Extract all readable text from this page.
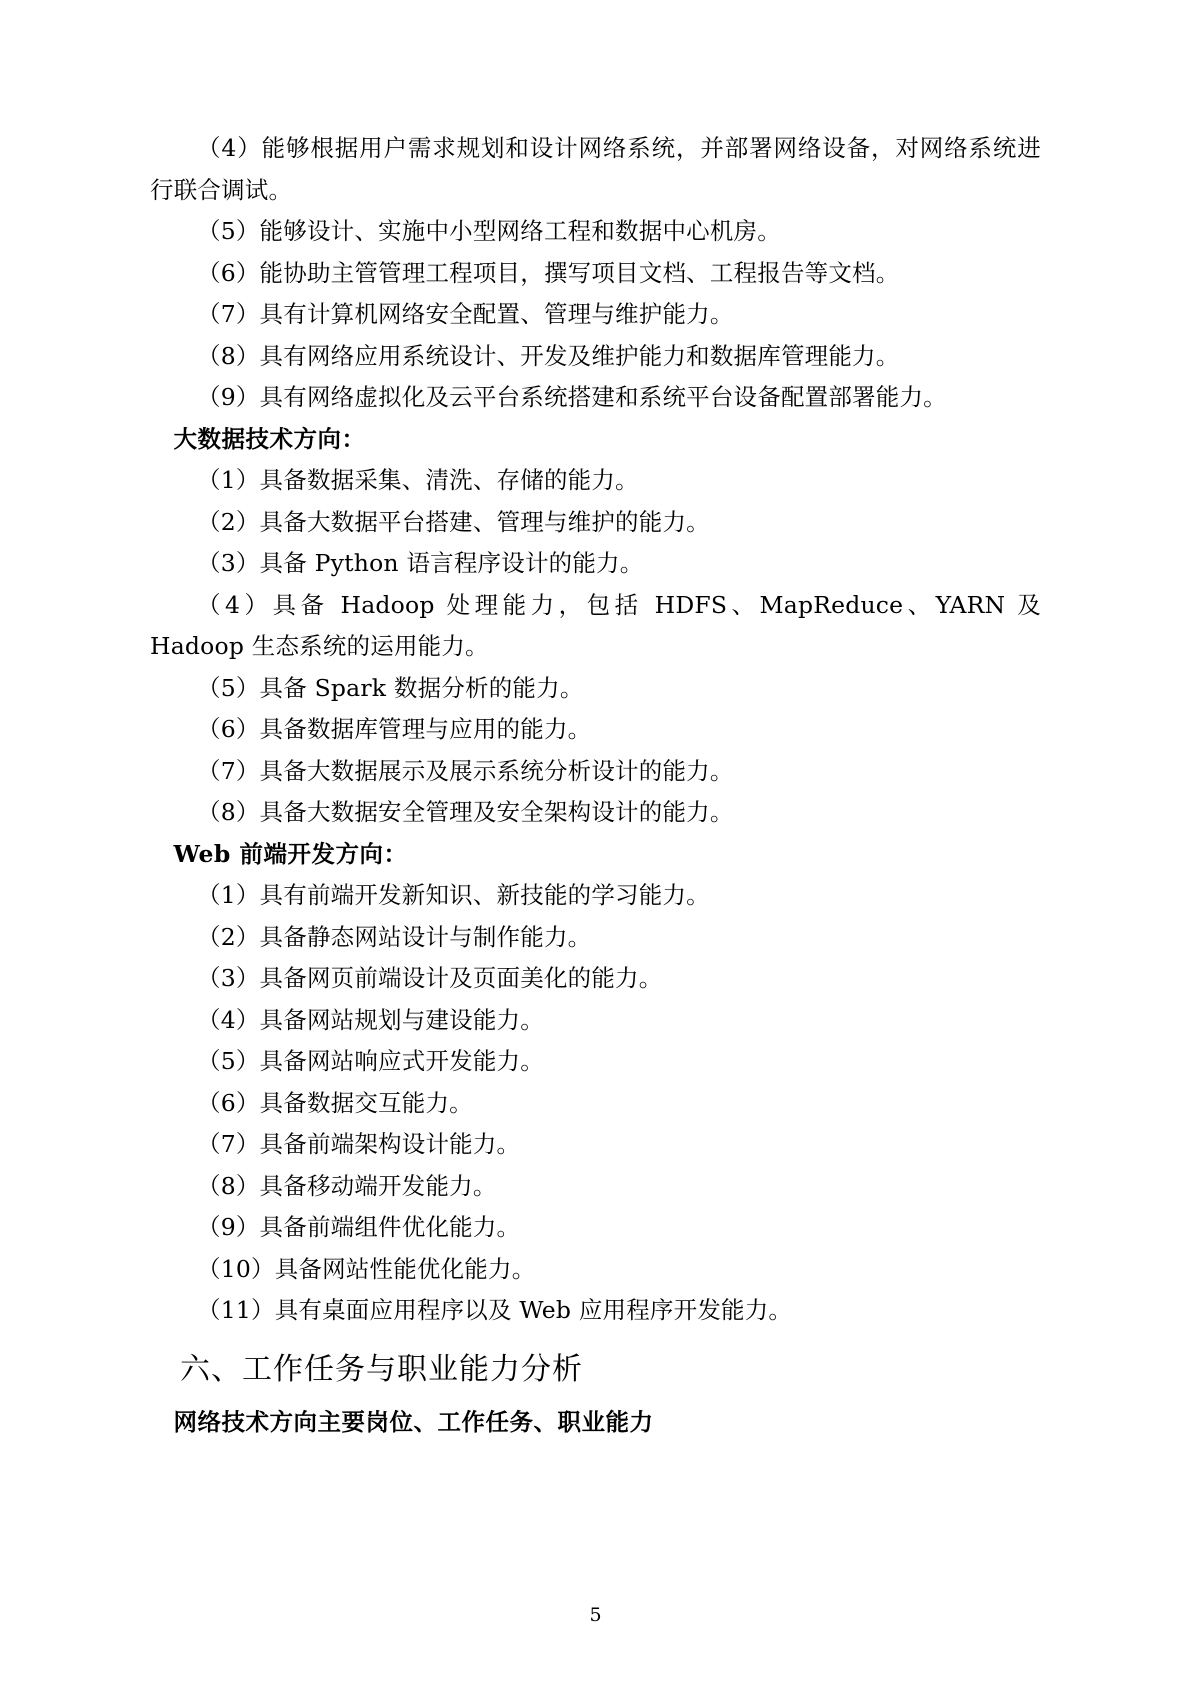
（4）能够根据用户需求规划和设计网络系统，并部署网络设备，对网络系统进行联合调试。

（5）能够设计、实施中小型网络工程和数据中心机房。

（6）能协助主管管理工程项目，撰写项目文档、工程报告等文档。

（7）具有计算机网络安全配置、管理与维护能力。

（8）具有网络应用系统设计、开发及维护能力和数据库管理能力。

（9）具有网络虚拟化及云平台系统搭建和系统平台设备配置部署能力。

大数据技术方向：

（1）具备数据采集、清洗、存储的能力。

（2）具备大数据平台搭建、管理与维护的能力。

（3）具备 Python 语言程序设计的能力。

（4）具备 Hadoop 处理能力，包括 HDFS、MapReduce、YARN 及 Hadoop 生态系统的运用能力。

（5）具备 Spark 数据分析的能力。

（6）具备数据库管理与应用的能力。

（7）具备大数据展示及展示系统分析设计的能力。

（8）具备大数据安全管理及安全架构设计的能力。

Web 前端开发方向：

（1）具有前端开发新知识、新技能的学习能力。

（2）具备静态网站设计与制作能力。

（3）具备网页前端设计及页面美化的能力。

（4）具备网站规划与建设能力。

（5）具备网站响应式开发能力。

（6）具备数据交互能力。

（7）具备前端架构设计能力。

（8）具备移动端开发能力。

（9）具备前端组件优化能力。

（10）具备网站性能优化能力。

（11）具有桌面应用程序以及 Web 应用程序开发能力。

六、工作任务与职业能力分析

网络技术方向主要岗位、工作任务、职业能力

5
